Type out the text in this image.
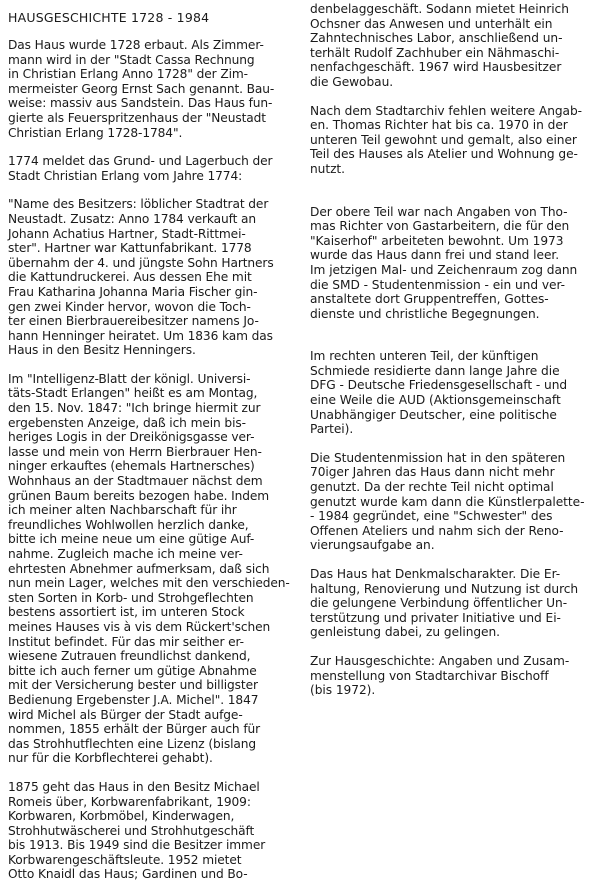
HAUSGESCHICHTE 1728 - 1984

Das Haus wurde 1728 erbaut. Als Zimmer-
mann wird in der "Stadt Cassa Rechnung
in Christian Erlang Anno 1728" der Zim-
mermeister Georg Ernst Sach genannt. Bau-
weise: massiv aus Sandstein. Das Haus fun-
gierte als Feuerspritzenhaus der "Neustadt
Christian Erlang 1728-1784".

1774 meldet das Grund- und Lagerbuch der
Stadt Christian Erlang vom Jahre 1774:

"Name des Besitzers: löblicher Stadtrat der
Neustadt. Zusatz: Anno 1784 verkauft an
Johann Achatius Hartner, Stadt-Rittmei-
ster". Hartner war Kattunfabrikant. 1778
übernahm der 4. und jüngste Sohn Hartners
die Kattundruckerei. Aus dessen Ehe mit
Frau Katharina Johanna Maria Fischer gin-
gen zwei Kinder hervor, wovon die Toch-
ter einen Bierbrauereibesitzer namens Jo-
hann Henninger heiratet. Um 1836 kam das
Haus in den Besitz Henningers.

Im "Intelligenz-Blatt der königl. Universi-
täts-Stadt Erlangen" heißt es am Montag,
den 15. Nov. 1847: "Ich bringe hiermit zur
ergebensten Anzeige, daß ich mein bis-
heriges Logis in der Dreikönigsgasse ver-
lasse und mein von Herrn Bierbrauer Hen-
ninger erkauftes (ehemals Hartnersches)
Wohnhaus an der Stadtmauer nächst dem
grünen Baum bereits bezogen habe. Indem
ich meiner alten Nachbarschaft für ihr
freundliches Wohlwollen herzlich danke,
bitte ich meine neue um eine gütige Auf-
nahme. Zugleich mache ich meine ver-
ehrtesten Abnehmer aufmerksam, daß sich
nun mein Lager, welches mit den verschieden-
sten Sorten in Korb- und Strohgeflechten
bestens assortiert ist, im unteren Stock
meines Hauses vis à vis dem Rückert'schen
Institut befindet. Für das mir seither er-
wiesene Zutrauen freundlichst dankend,
bitte ich auch ferner um gütige Abnahme
mit der Versicherung bester und billigster
Bedienung Ergebenster J.A. Michel". 1847
wird Michel als Bürger der Stadt aufge-
nommen, 1855 erhält der Bürger auch für
das Strohhutflechten eine Lizenz (bislang
nur für die Korbflechterei gehabt).

1875 geht das Haus in den Besitz Michael
Romeis über, Korbwarenfabrikant, 1909:
Korbwaren, Korbmöbel, Kinderwagen,
Strohhutwäscherei und Strohhutgeschäft
bis 1913. Bis 1949 sind die Besitzer immer
Korbwarengeschäftsleute. 1952 mietet
Otto Knaidl das Haus; Gardinen und Bo-

denbelaggeschäft. Sodann mietet Heinrich
Ochsner das Anwesen und unterhält ein
Zahntechnisches Labor, anschließend un-
terhält Rudolf Zachhuber ein Nähmaschi-
nenfachgeschäft. 1967 wird Hausbesitzer
die Gewobau.

Nach dem Stadtarchiv fehlen weitere Angab-
en. Thomas Richter hat bis ca. 1970 in der
unteren Teil gewohnt und gemalt, also einer
Teil des Hauses als Atelier und Wohnung ge-
nutzt.

Der obere Teil war nach Angaben von Tho-
mas Richter von Gastarbeitern, die für den
"Kaiserhof" arbeiteten bewohnt. Um 1973
wurde das Haus dann frei und stand leer.
Im jetzigen Mal- und Zeichenraum zog dann
die SMD - Studentenmission - ein und ver-
anstaltete dort Gruppentreffen, Gottes-
dienste und christliche Begegnungen.

Im rechten unteren Teil, der künftigen
Schmiede residierte dann lange Jahre die
DFG - Deutsche Friedensgesellschaft - und
eine Weile die AUD (Aktionsgemeinschaft
Unabhängiger Deutscher, eine politische
Partei).

Die Studentenmission hat in den späteren
70iger Jahren das Haus dann nicht mehr
genutzt. Da der rechte Teil nicht optimal
genutzt wurde kam dann die Künstlerpalette-
- 1984 gegründet, eine "Schwester" des
Offenen Ateliers und nahm sich der Reno-
vierungsaufgabe an.

Das Haus hat Denkmalscharakter. Die Er-
haltung, Renovierung und Nutzung ist durch
die gelungene Verbindung öffentlicher Un-
terstützung und privater Initiative und Ei-
genleistung dabei, zu gelingen.

Zur Hausgeschichte: Angaben und Zusam-
menstellung von Stadtarchivar Bischoff
(bis 1972).
